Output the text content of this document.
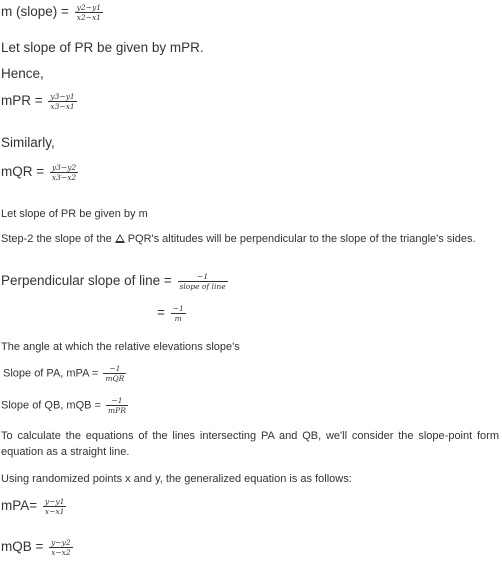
m (slope) = $\frac{y2-y1}{x2-x1}$
Let slope of PR be given by mPR.
Hence,
mPR = $\frac{y3-y1}{x3-x1}$
Similarly,
mQR = $\frac{y3-y2}{x3-x2}$
Let slope of PR be given by m
Step-2 the slope of the PQR's altitudes will be perpendicular to the slope of the triangle's sides.
Perpendicular slope of line = $\frac{-1}{\text{slope of line}}$
= $\frac{-1}{m}$
The angle at which the relative elevations slope's
Slope of PA, mPA = $\frac{-1}{\text{mQR}}$
Slope of QB, mQB = $\frac{-1}{\text{mPR}}$
To calculate the equations of the lines intersecting PA and QB, we'll consider the slope-point form equation as a straight line.
Using randomized points x and y, the generalized equation is as follows:
$mPA= \frac{y-y1}{x-x1}$
mQB = $\frac{y-y2}{x-x2}$
